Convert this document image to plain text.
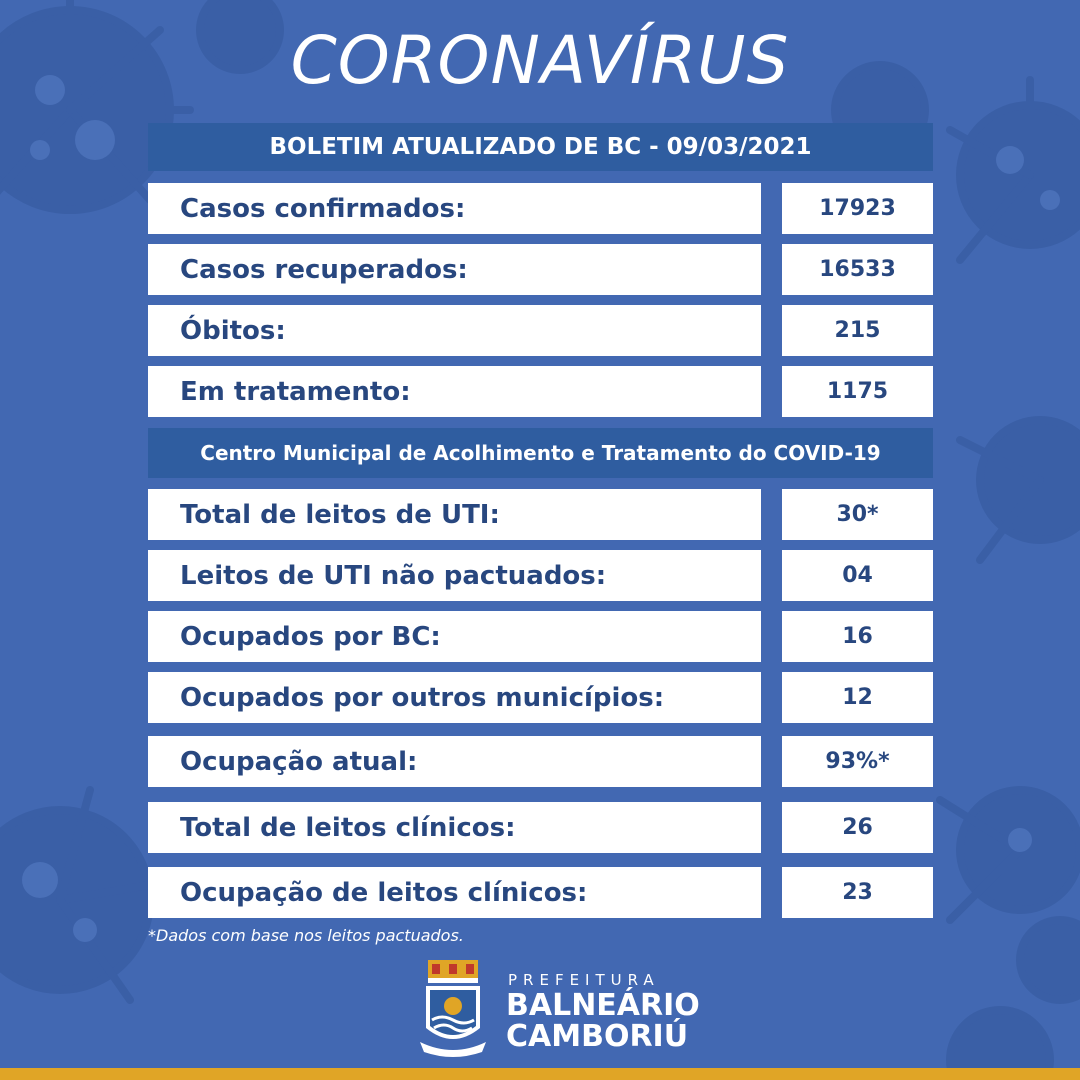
CORONAVÍRUS
BOLETIM ATUALIZADO DE BC - 09/03/2021
Casos confirmados:	17923
Casos recuperados:	16533
Óbitos:	215
Em tratamento:	1175
Centro Municipal de Acolhimento e Tratamento do COVID-19
Total de leitos de UTI:	30*
Leitos de UTI não pactuados:	04
Ocupados por BC:	16
Ocupados por outros municípios:	12
Ocupação atual:	93%*
Total de leitos clínicos:	26
Ocupação de leitos clínicos:	23
*Dados com base nos leitos pactuados.
PREFEITURA
BALNEÁRIO
CAMBORIÚ
